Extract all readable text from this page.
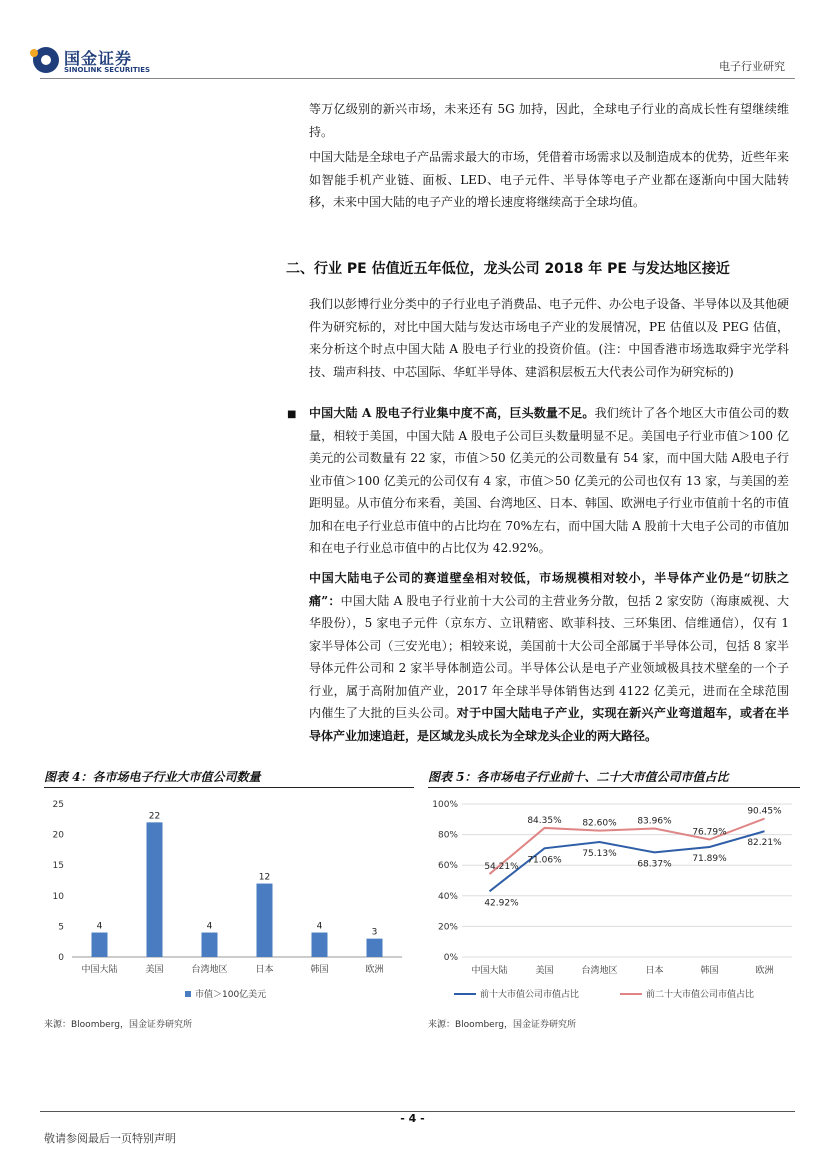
国金证券
SINOLINK SECURITIES	电子行业研究
等万亿级别的新兴市场，未来还有 5G 加持，因此，全球电子行业的高成长性有望继续维持。
中国大陆是全球电子产品需求最大的市场，凭借着市场需求以及制造成本的优势，近些年来如智能手机产业链、面板、LED、电子元件、半导体等电子产业都在逐渐向中国大陆转移，未来中国大陆的电子产业的增长速度将继续高于全球均值。
二、行业 PE 估值近五年低位，龙头公司 2018 年 PE 与发达地区接近
我们以彭博行业分类中的子行业电子消费品、电子元件、办公电子设备、半导体以及其他硬件为研究标的，对比中国大陆与发达市场电子产业的发展情况，PE 估值以及 PEG 估值，来分析这个时点中国大陆 A 股电子行业的投资价值。(注：中国香港市场选取舜宇光学科技、瑞声科技、中芯国际、华虹半导体、建滔积层板五大代表公司作为研究标的)
■ 中国大陆 A 股电子行业集中度不高，巨头数量不足。我们统计了各个地区大市值公司的数量，相较于美国，中国大陆 A 股电子公司巨头数量明显不足。美国电子行业市值＞100 亿美元的公司数量有 22 家，市值＞50 亿美元的公司数量有 54 家，而中国大陆 A股电子行业市值＞100 亿美元的公司仅有 4 家，市值＞50 亿美元的公司也仅有 13 家，与美国的差距明显。从市值分布来看，美国、台湾地区、日本、韩国、欧洲电子行业市值前十名的市值加和在电子行业总市值中的占比均在 70%左右，而中国大陆 A 股前十大电子公司的市值加和在电子行业总市值中的占比仅为 42.92%。
中国大陆电子公司的赛道壁垒相对较低，市场规模相对较小，半导体产业仍是“切肤之痛”：中国大陆 A 股电子行业前十大公司的主营业务分散，包括 2 家安防（海康威视、大华股份），5 家电子元件（京东方、立讯精密、欧菲科技、三环集团、信维通信），仅有 1 家半导体公司（三安光电）；相较来说，美国前十大公司全部属于半导体公司，包括 8 家半导体元件公司和 2 家半导体制造公司。半导体公认是电子产业领域极具技术壁垒的一个子行业，属于高附加值产业，2017 年全球半导体销售达到 4122 亿美元，进而在全球范围内催生了大批的巨头公司。对于中国大陆电子产业，实现在新兴产业弯道超车，或者在半导体产业加速追赶，是区域龙头成长为全球龙头企业的两大路径。
图表 4：各市场电子行业大市值公司数量
0
5
10
15
20
25
4
中国大陆
22
美国
4
台湾地区
12
日本
4
韩国
3
欧洲
市值＞100亿美元
来源：Bloomberg，国金证券研究所
图表 5：各市场电子行业前十、二十大市值公司市值占比
0%
20%
40%
60%
80%
100%
中国大陆	美国	台湾地区	日本	韩国	欧洲
42.92%
71.06%
75.13%
68.37%
71.89%
82.21%
54.21%
84.35% 82.60% 83.96%
76.79%
90.45%
前十大市值公司市值占比	前二十大市值公司市值占比
来源：Bloomberg，国金证券研究所
- 4 -
敬请参阅最后一页特别声明
